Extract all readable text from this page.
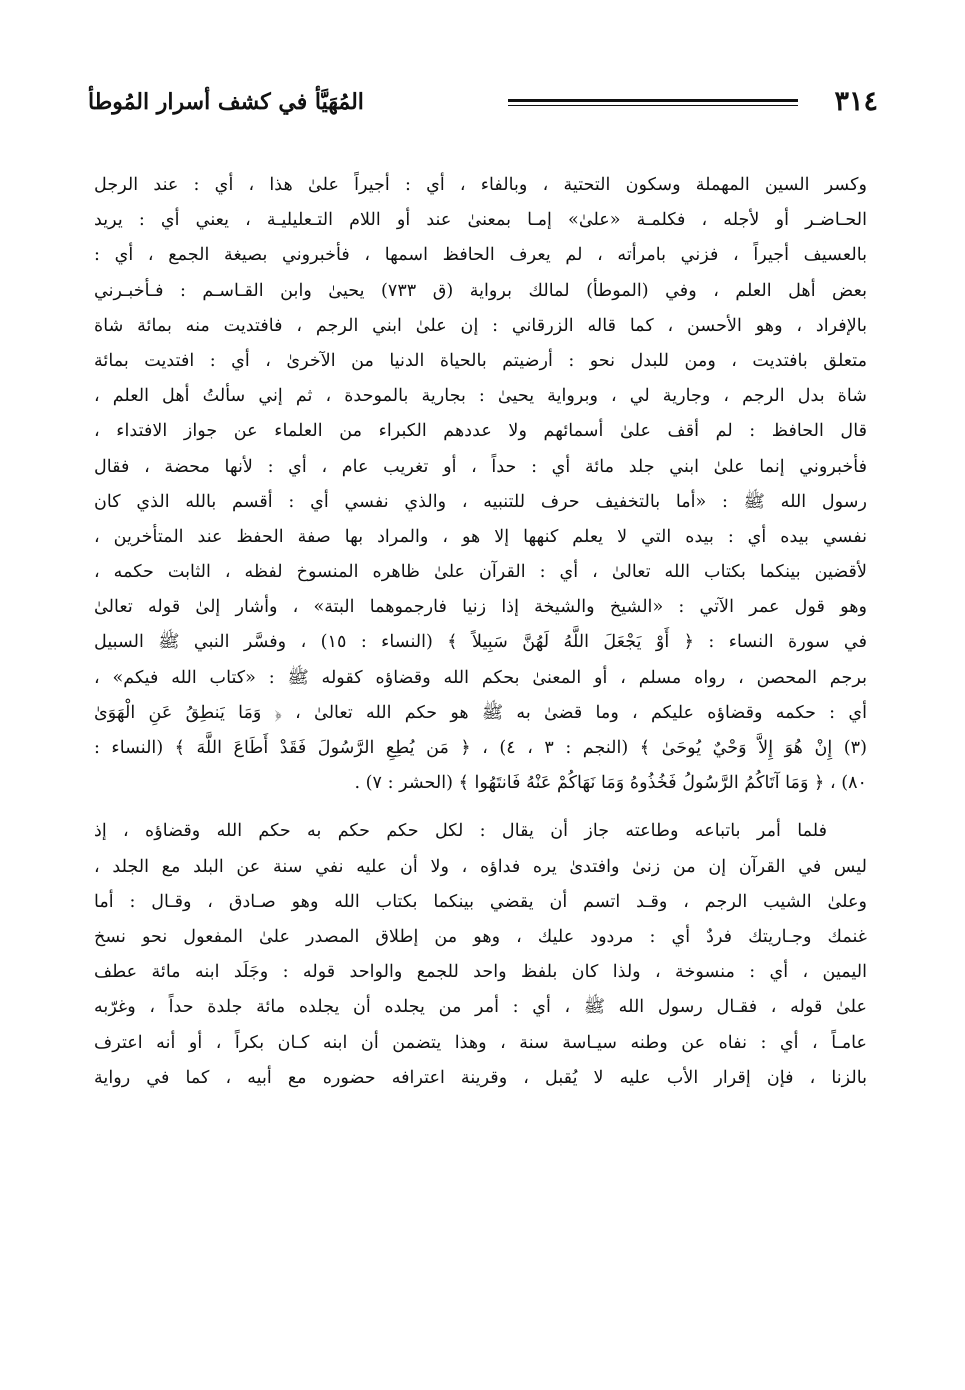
٣١٤
المُهَيَّأ في كشف أسرار المُوطأ
وكسر السين المهملة وسكون التحتية ، وبالفاء ، أي : أجيراً علىٰ هذا ، أي : عند الرجل
الحـاضـر أو لأجله ، فكلمـة «علىٰ» إمـا بمعنىٰ عند أو اللام التـعليليـة ، يعني أي : يريد
بالعسيف أجيراً ، فزني بامرأته ، لم يعرف الحافظ اسمها ، فأخبروني بصيغة الجمع ، أي :
بعض أهل العلم ، وفي (الموطأ) لمالك برواية (ق ٧٣٣) يحيىٰ وابن القـاسـم : فـأخبـرني
بالإفراد ، وهو الأحسن ، كما قاله الزرقاني : إن علىٰ ابني الرجم ، فافتديت منه بمائة شاة
متعلق بافتديت ، ومن للبدل نحو : أرضيتم بالحياة الدنيا من الآخرىٰ ، أي : افتديت بمائة
شاة بدل الرجم ، وجارية لي ، وبرواية يحيىٰ : بجارية بالموحدة ، ثم إني سألتُ أهل العلم ،
قال الحافظ : لم أقف علىٰ أسمائهم ولا عددهم الكبراء من العلماء عن جواز الافتداء ،
فأخبروني إنما علىٰ ابني جلد مائة أي : حداً ، أو تغريب عام ، أي : لأنها محضة ، فقال
رسول الله ﷺ : «أما بالتخفيف حرف للتنبيه ، والذي نفسي أي : أقسم بالله الذي كان
نفسي بيده أي : بيده التي لا يعلم كنهها إلا هو ، والمراد بها صفة الحفظ عند المتأخرين ،
لأقضين بينكما بكتاب الله تعالىٰ ، أي : القرآن علىٰ ظاهره المنسوخ لفظه ، الثابت حكمه ،
وهو قول عمر الآتي : «الشيخ والشيخة إذا زنيا فارجموهما البتة» ، وأشار إلىٰ قوله تعالىٰ
في سورة النساء : ﴿ أَوْ يَجْعَلَ اللَّهُ لَهُنَّ سَبِيلاً ﴾ (النساء : ١٥) ، وفسَّر النبي ﷺ السبيل
برجم المحصن ، رواه مسلم ، أو المعنىٰ بحكم الله وقضاؤه كقوله ﷺ : «كتاب الله فيكم» ،
أي : حكمه وقضاؤه عليكم ، وما قضىٰ به ﷺ هو حكم الله تعالىٰ ، ﴿ وَمَا يَنطِقُ عَنِ الْهَوَىٰ
(٣) إِنْ هُوَ إِلاَّ وَحْيٌ يُوحَىٰ ﴾ (النجم : ٣ ، ٤) ، ﴿ مَن يُطِعِ الرَّسُولَ فَقَدْ أَطَاعَ اللَّهَ ﴾ (النساء :
٨٠) ، ﴿ وَمَا آتَاكُمُ الرَّسُولُ فَخُذُوهُ وَمَا نَهَاكُمْ عَنْهُ فَانتَهُوا ﴾ (الحشر : ٧) .
فلما أمر باتباعه وطاعته جاز أن يقال : لكل حكم حكم به حكم الله وقضاؤه ، إذ
ليس في القرآن إن من زنىٰ وافتدىٰ يره فداؤه ، ولا أن عليه نفي سنة عن البلد مع الجلد ،
وعلىٰ الشيب الرجم ، وقـد اتسم أن يقضي بينكما بكتاب الله وهو صـادق ، وقـال : أما
غنمك وجـاريتك فردٌ أي : مردود عليك ، وهو من إطلاق المصدر علىٰ المفعول نحو نسخ
اليمين ، أي : منسوخة ، ولذا كان بلفظ واحد للجمع والواحد قوله : وجَلَد ابنه مائة عطف
علىٰ قوله ، فقـال رسول الله ﷺ ، أي : أمر من يجلده أن يجلده مائة جلدة حداً ، وغرّبه
عامـاً ، أي : نفاه عن وطنه سيـاسة سنة ، وهذا يتضمن أن ابنه كـان بكراً ، أو أنه اعترف
بالزنا ، فإن إقرار الأب عليه لا يُقبل ، وقرينة اعترافه حضوره مع أبيه ، كما في رواية
